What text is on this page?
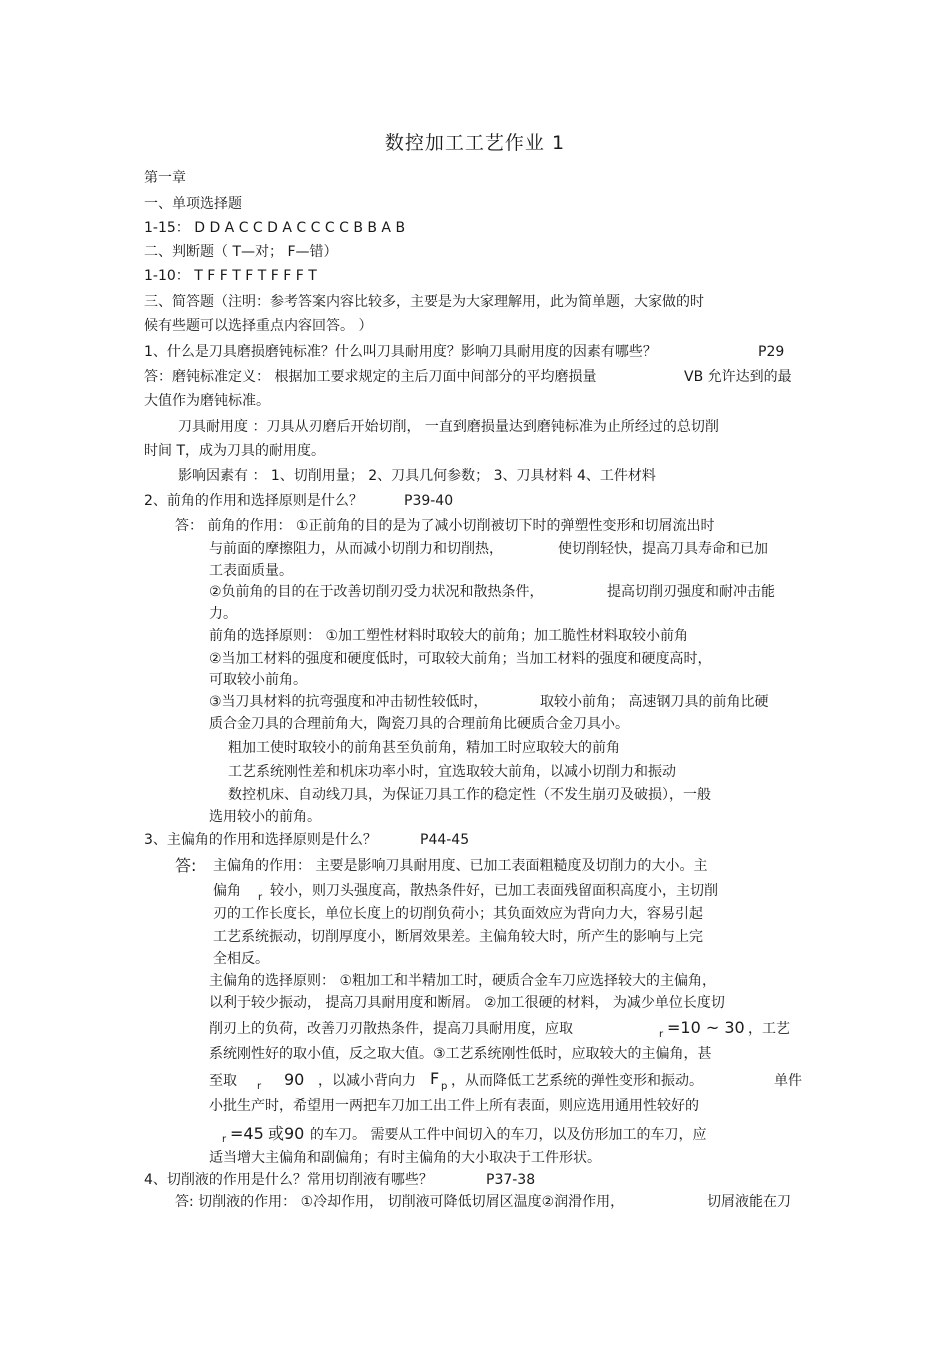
数控加工工艺作业 1
第一章
一、单项选择题
1-15： D D A C C D A C C C C B B A B
二、判断题（ T—对； F—错）
1-10： T F F T F T F F F T
三、简答题（注明：参考答案内容比较多，主要是为大家理解用，此为简单题，大家做的时
候有些题可以选择重点内容回答。 ）
1、什么是刀具磨损磨钝标准？什么叫刀具耐用度？影响刀具耐用度的因素有哪些？	P29
答：磨钝标准定义： 根据加工要求规定的主后刀面中间部分的平均磨损量	VB 允许达到的最
大值作为磨钝标准。
刀具耐用度 ：刀具从刃磨后开始切削， 一直到磨损量达到磨钝标准为止所经过的总切削
时间 T，成为刀具的耐用度。
影响因素有 ： 1、切削用量； 2、刀具几何参数； 3、刀具材料 4、工件材料
2、前角的作用和选择原则是什么？	P39-40
答： 前角的作用： ①正前角的目的是为了减小切削被切下时的弹塑性变形和切屑流出时
与前面的摩擦阻力，从而减小切削力和切削热，	使切削轻快，提高刀具寿命和已加
工表面质量。
②负前角的目的在于改善切削刃受力状况和散热条件，	提高切削刃强度和耐冲击能
力。
前角的选择原则： ①加工塑性材料时取较大的前角；加工脆性材料取较小前角
②当加工材料的强度和硬度低时，可取较大前角；当加工材料的强度和硬度高时，
可取较小前角。
③当刀具材料的抗弯强度和冲击韧性较低时，	取较小前角； 高速钢刀具的前角比硬
质合金刀具的合理前角大，陶瓷刀具的合理前角比硬质合金刀具小。
粗加工使时取较小的前角甚至负前角，精加工时应取较大的前角
工艺系统刚性差和机床功率小时，宜选取较大前角，以减小切削力和振动
数控机床、自动线刀具，为保证刀具工作的稳定性（不发生崩刃及破损），一般
选用较小的前角。
3、主偏角的作用和选择原则是什么？	P44-45
答: 主偏角的作用： 主要是影响刀具耐用度、已加工表面粗糙度及切削力的大小。主
偏角 r 较小，则刀头强度高，散热条件好，已加工表面残留面积高度小，主切削
刃的工作长度长，单位长度上的切削负荷小；其负面效应为背向力大，容易引起
工艺系统振动，切削厚度小，断屑效果差。主偏角较大时，所产生的影响与上完
全相反。
主偏角的选择原则： ①粗加工和半精加工时，硬质合金车刀应选择较大的主偏角，
以利于较少振动， 提高刀具耐用度和断屑。 ②加工很硬的材料， 为减少单位长度切
削刃上的负荷，改善刀刃散热条件，提高刀具耐用度，应取	r =10 ~ 30 ，工艺
系统刚性好的取小值，反之取大值。③工艺系统刚性低时，应取较大的主偏角，甚
至取 r 90 ，以减小背向力 F p ，从而降低工艺系统的弹性变形和振动。	单件
小批生产时，希望用一两把车刀加工出工件上所有表面，则应选用通用性较好的
r =45 或90 的车刀。 需要从工件中间切入的车刀，以及仿形加工的车刀，应
适当增大主偏角和副偏角；有时主偏角的大小取决于工件形状。
4、切削液的作用是什么？常用切削液有哪些？	P37-38
答: 切削液的作用： ①冷却作用， 切削液可降低切屑区温度②润滑作用，	切屑液能在刀
